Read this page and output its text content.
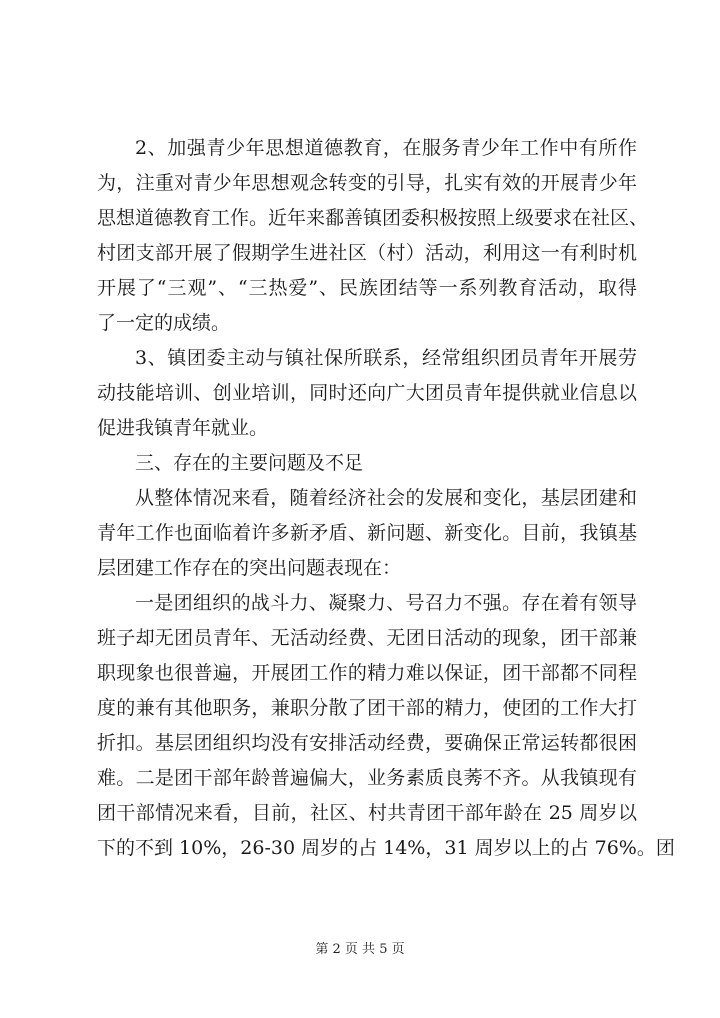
2、加强青少年思想道德教育，在服务青少年工作中有所作
为，注重对青少年思想观念转变的引导，扎实有效的开展青少年
思想道德教育工作。近年来鄱善镇团委积极按照上级要求在社区、
村团支部开展了假期学生进社区（村）活动，利用这一有利时机
开展了“三观”、“三热爱”、民族团结等一系列教育活动，取得
了一定的成绩。
3、镇团委主动与镇社保所联系，经常组织团员青年开展劳
动技能培训、创业培训，同时还向广大团员青年提供就业信息以
促进我镇青年就业。
三、存在的主要问题及不足
从整体情况来看，随着经济社会的发展和变化，基层团建和
青年工作也面临着许多新矛盾、新问题、新变化。目前，我镇基
层团建工作存在的突出问题表现在：
一是团组织的战斗力、凝聚力、号召力不强。存在着有领导
班子却无团员青年、无活动经费、无团日活动的现象，团干部兼
职现象也很普遍，开展团工作的精力难以保证，团干部都不同程
度的兼有其他职务，兼职分散了团干部的精力，使团的工作大打
折扣。基层团组织均没有安排活动经费，要确保正常运转都很困
难。二是团干部年龄普遍偏大，业务素质良莠不齐。从我镇现有
团干部情况来看，目前，社区、村共青团干部年龄在 25 周岁以
下的不到 10%，26-30 周岁的占 14%，31 周岁以上的占 76%。团
第 2 页 共 5 页
